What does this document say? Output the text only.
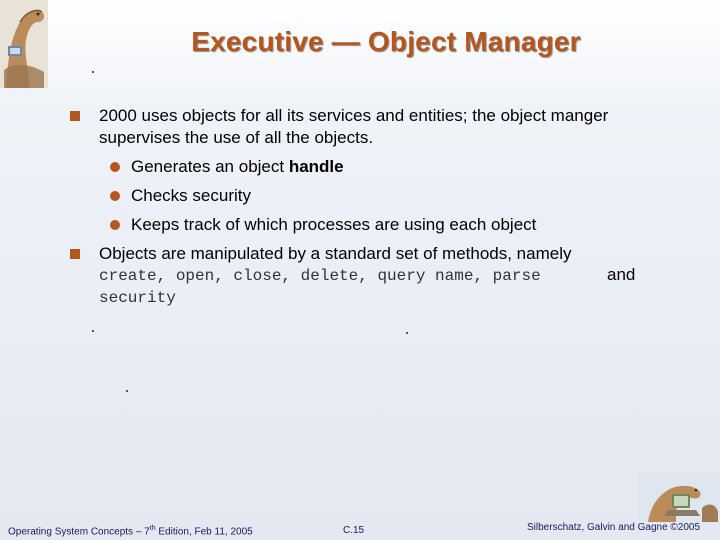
Executive — Object Manager
2000 uses objects for all its services and entities; the object manger
supervises the use of all the objects.
Generates an object handle
Checks security
Keeps track of which processes are using each object
Objects are manipulated by a standard set of methods, namely
create, open, close, delete, query name, parse	and
security
Operating System Concepts – 7th Edition, Feb 11, 2005	C.15	Silberschatz, Galvin and Gagne ©2005
